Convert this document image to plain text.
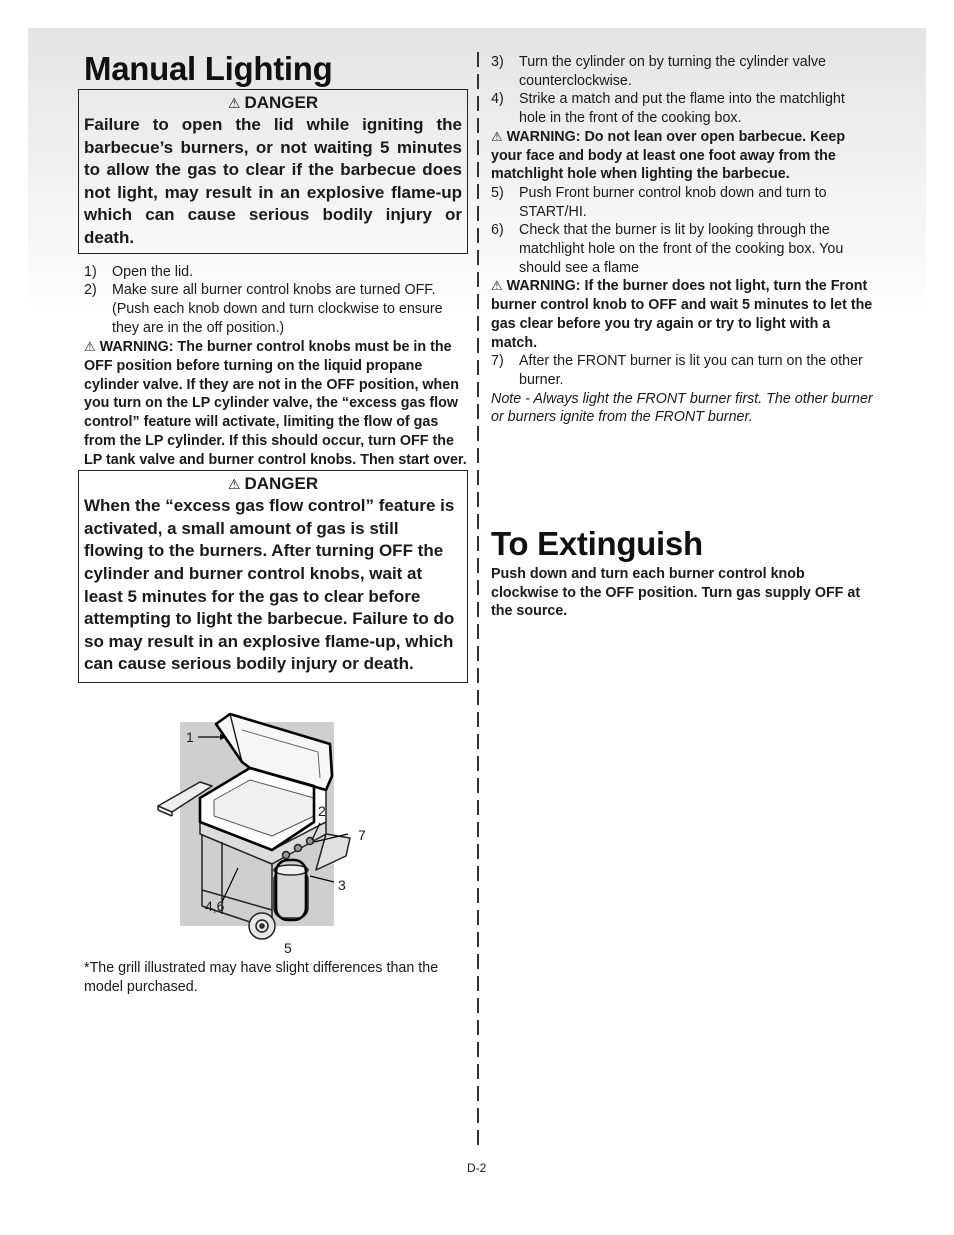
Manual Lighting
⚠ DANGER
Failure to open the lid while igniting the barbecue’s burners, or not waiting 5 minutes to allow the gas to clear if the barbecue does not light, may result in an explosive flame-up which can cause serious bodily injury or death.
1) Open the lid.
2) Make sure all burner control knobs are turned OFF. (Push each knob down and turn clockwise to ensure they are in the off position.)
⚠ WARNING: The burner control knobs must be in the OFF position before turning on the liquid propane cylinder valve. If they are not in the OFF position, when you turn on the LP cylinder valve, the “excess gas flow control” feature will activate, limiting the flow of gas from the LP cylinder. If this should occur, turn OFF the LP tank valve and burner control knobs. Then start over.
⚠ DANGER
When the “excess gas flow control” feature is activated, a small amount of gas is still flowing to the burners. After turning OFF the cylinder and burner control knobs, wait at least 5 minutes for the gas to clear before attempting to light the barbecue. Failure to do so may result in an explosive flame-up, which can cause serious bodily injury or death.
1
2
7
3
4,6
5
*The grill illustrated may have slight differences than the model purchased.
3) Turn the cylinder on by turning the cylinder valve counterclockwise.
4) Strike a match and put the flame into the matchlight hole in the front of the cooking box.
⚠ WARNING: Do not lean over open barbecue. Keep your face and body at least one foot away from the matchlight hole when lighting the barbecue.
5) Push Front burner control knob down and turn to START/HI.
6) Check that the burner is lit by looking through the matchlight hole on the front of the cooking box. You should see a flame
⚠ WARNING: If the burner does not light, turn the Front burner control knob to OFF and wait 5 minutes to let the gas clear before you try again or try to light with a match.
7) After the FRONT burner is lit you can turn on the other burner.
Note - Always light the FRONT burner first. The other burner or burners ignite from the FRONT burner.
To Extinguish
Push down and turn each burner control knob clockwise to the OFF position. Turn gas supply OFF at the source.
D-2
